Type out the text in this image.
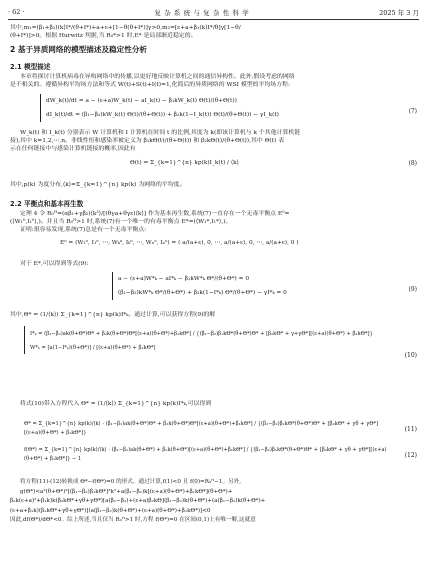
· 62 ·	复 杂 系 统 与 复 杂 性 科 学	2025 年 3 月
其中,m₁=(β₁+β₂)(k⟩I*/(θ+I*)+a+ε+[1−θ(θ+I*)]γ>0,m₂=[ε+a+β₁(k⟩I*/θ]γ[1−θ/
(θ+I*)]>0。根据 Hurwitz 判据,当 R₀*>1 时,E* 是局部渐近稳定的。
2 基于异质网络的模型描述及稳定性分析
2.1 模型描述
本章将探讨计算机病毒在异构网络中的传播,以更好地反映计算机之间的通信异构性。此外,假设考虑的网络
是不相关的。遵循异构平均场方法和等式 W(t)+S(t)+I(t)=1,化简后的异质网络的 WSI 模型的平均场方程:
dW_k(t)/dt = a − (ε+a)W_k(t) − aI_k(t) − β₁kW_k(t) Θ(t)/(θ+Θ(t))
dI_k(t)/dt = (β₁−β₂)kW_k(t) Θ(t)/(θ+Θ(t)) + β₂k(1−I_k(t)) Θ(t)/(θ+Θ(t)) − γI_k(t)	(7)
W_k(t) 和 I_k(t) 分别表示 W 计算机和 I 计算机在时间 t 的比例,其度为 k(即该计算机与 k 个其他计算机链
接),其中 k=1,2,⋯,n。非线性恒和感染率被定义为 β₁kΘ(t)/(θ+Θ(t)) 和 β₂kΘ(t)/(θ+Θ(t)),其中 Θ(t) 表
示在任何链接中与感染计算机链接的概率,因此有
Θ(t) = Σ_{k=1}^{n} kp(k)I_k(t) / ⟨k⟩	(8)
其中,p(k) 为度分布,⟨k⟩=Σ_{k=1}^{n} kp(k) 为网络的平均度。
2.2 平衡点和基本再生数
定理 4 令 R₀ᴴ=(αβ₁+γβ₂)⟨k²⟩/[(θγa+θγε)⟨k⟩] 作为基本再生数,系统(7)一直存在一个无毒平衡点 E⁰=
(⟨W₁⁰,I₁⁰⟩,)。并且当 R₀ᴴ>1 时,系统(7)有一个唯一的有毒平衡点 E*=(⟨W₁*,I₁*⟩,)。
证明:很容易发现,系统(7)总是有一个无毒平衡点:
E⁰ = (W₁⁰, I₁⁰, ⋯, Wₖ⁰, Iₖ⁰, ⋯, Wₙ⁰, Iₙ⁰) = ( a/(a+ε), 0, ⋯, a/(a+ε), 0, ⋯, a/(a+ε), 0 )
对于 E*,可以得到等式(9):
a − (ε+a)W*ₖ − aI*ₖ − β₁kW*ₖ Θ*/(θ+Θ*) = 0
(β₁−β₂)kW*ₖ Θ*/(θ+Θ*) + β₂k(1−I*ₖ) Θ*/(θ+Θ*) − γI*ₖ = 0	(9)
其中,Θ* = (1/⟨k⟩) Σ_{k=1}^{n} kp(k)I*ₖ。通过计算,可以获得方程(9)的解
I*ₖ = (β₁−β₂)ak(θ+Θ*)Θ* + β₂k(θ+Θ*)Θ*[(ε+a)(θ+Θ*)+β₁kΘ*] / {(β₁−β₂)β₁kΘ*(θ+Θ*)Θ* + [β₂kΘ* + γ+γΘ*][(ε+a)(θ+Θ*) + β₁kΘ*]}
W*ₖ = [a(1−I*ₖ)(θ+Θ*)] / [(ε+a)(θ+Θ*) + β₁kΘ*]
(10)
将式(10)带入方程代入 Θ* = (1/⟨k⟩) Σ_{k=1}^{n} kp(k)I*ₖ,可以得到
Θ* = Σ_{k=1}^{n} kp(k)/⟨k⟩ · (β₁−β₂)ak(θ+Θ*)Θ* + β₂k(θ+Θ*)Θ*[(ε+a)(θ+Θ*)+β₁kΘ*] / {(β₁−β₂)β₁kΘ*(θ+Θ*)Θ* + [β₂kΘ* + γθ + γΘ*][(ε+a)(θ+Θ*) + β₁kΘ*]}	(11)
f(Θ*) = Σ_{k=1}^{n} kp(k)/⟨k⟩ · (β₁−β₂)ak(θ+Θ*) + β₂k(θ+Θ*)[(ε+a)(θ+Θ*)+β₁kΘ*] / {(β₁−β₂)β₁kΘ*(θ+Θ*)Θ* + [β₂kΘ* + γθ + γΘ*][(ε+a)(θ+Θ*) + β₁kΘ*]} − 1	(12)
将方程(11)-(12)转换成 Θ*−f(Θ*)=0 的形式。通过计算,f(1)<0 且 f(0)=R₀ᴴ−1。另外,
g(Θ*)<a²(θ+Θ*)²[(β₁−β₂)β₁kΘ*]³k²+a(β₁−β₂)k[(ε+a)(θ+Θ*)+β₁kΘ*](θ+Θ*)+
β₂k(ε+a)²+β₁k)k(β₂kΘ*+γθ+γΘ*)[a(β₁−β₂)+(ε+a)β₂kΘ](β₁−β₂)k(θ+Θ*)+(a(β₁−β₂)k(θ+Θ*)+
(ε+a+β₁k)(β₂kΘ*+γθ+γΘ*)](a(β₁−β₂)k(θ+Θ*)+(ε+a)(θ+Θ*)+β₁kΘ*)]<0
因此,df(Θ*)/dΘ*<0。综上所述,当且仅当 R₀ᴴ>1 时,方程 f(Θ*)=0 在区间(0,1)上有唯一解,这就意
